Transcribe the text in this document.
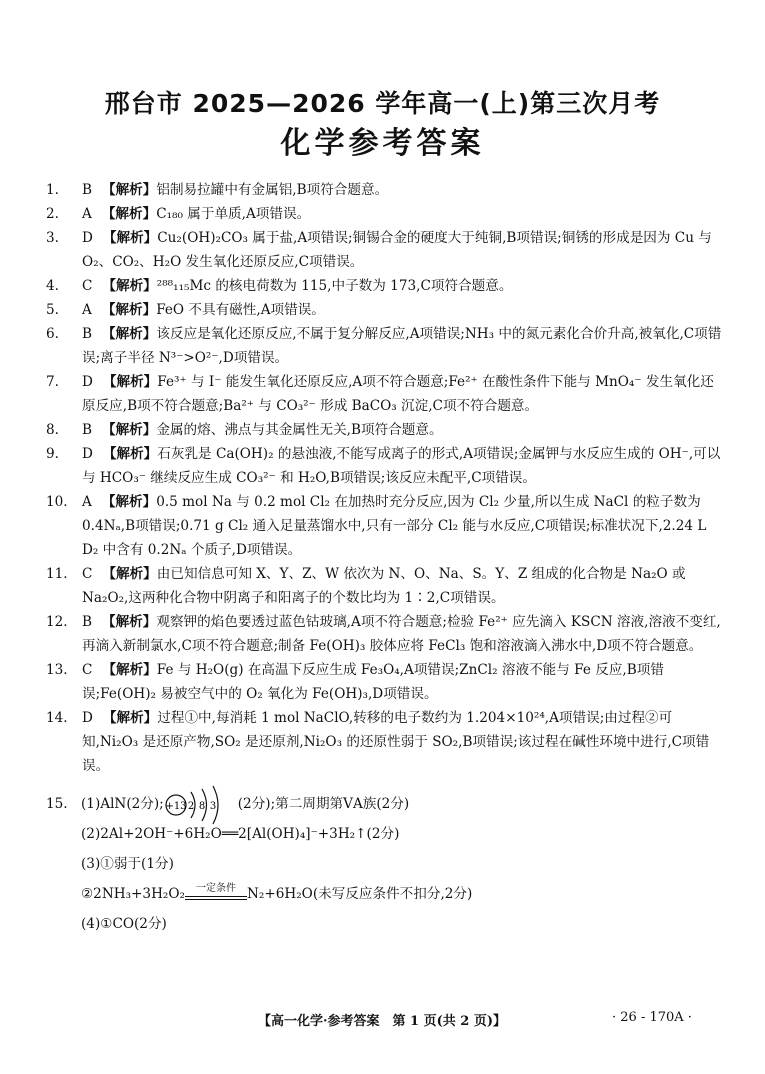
邢台市 2025—2026 学年高一(上)第三次月考
化学参考答案

1. B 【解析】铝制易拉罐中有金属铝,B项符合题意。

2. A 【解析】C₁₈₀ 属于单质,A项错误。

3. D 【解析】Cu₂(OH)₂CO₃ 属于盐,A项错误;铜锡合金的硬度大于纯铜,B项错误;铜锈的形成是因为 Cu 与 O₂、CO₂、H₂O 发生氧化还原反应,C项错误。

4. C 【解析】²⁸⁸₁₁₅Mc 的核电荷数为 115,中子数为 173,C项符合题意。

5. A 【解析】FeO 不具有磁性,A项错误。

6. B 【解析】该反应是氧化还原反应,不属于复分解反应,A项错误;NH₃ 中的氮元素化合价升高,被氧化,C项错误;离子半径 N³⁻>O²⁻,D项错误。

7. D 【解析】Fe³⁺ 与 I⁻ 能发生氧化还原反应,A项不符合题意;Fe²⁺ 在酸性条件下能与 MnO₄⁻ 发生氧化还原反应,B项不符合题意;Ba²⁺ 与 CO₃²⁻ 形成 BaCO₃ 沉淀,C项不符合题意。

8. B 【解析】金属的熔、沸点与其金属性无关,B项符合题意。

9. D 【解析】石灰乳是 Ca(OH)₂ 的悬浊液,不能写成离子的形式,A项错误;金属钾与水反应生成的 OH⁻,可以与 HCO₃⁻ 继续反应生成 CO₃²⁻ 和 H₂O,B项错误;该反应未配平,C项错误。

10. A 【解析】0.5 mol Na 与 0.2 mol Cl₂ 在加热时充分反应,因为 Cl₂ 少量,所以生成 NaCl 的粒子数为 0.4Nₐ,B项错误;0.71 g Cl₂ 通入足量蒸馏水中,只有一部分 Cl₂ 能与水反应,C项错误;标准状况下,2.24 L D₂ 中含有 0.2Nₐ 个质子,D项错误。

11. C 【解析】由已知信息可知 X、Y、Z、W 依次为 N、O、Na、S。Y、Z 组成的化合物是 Na₂O 或 Na₂O₂,这两种化合物中阴离子和阳离子的个数比均为 1∶2,C项错误。

12. B 【解析】观察钾的焰色要透过蓝色钴玻璃,A项不符合题意;检验 Fe²⁺ 应先滴入 KSCN 溶液,溶液不变红,再滴入新制氯水,C项不符合题意;制备 Fe(OH)₃ 胶体应将 FeCl₃ 饱和溶液滴入沸水中,D项不符合题意。

13. C 【解析】Fe 与 H₂O(g) 在高温下反应生成 Fe₃O₄,A项错误;ZnCl₂ 溶液不能与 Fe 反应,B项错误;Fe(OH)₂ 易被空气中的 O₂ 氧化为 Fe(OH)₃,D项错误。

14. D 【解析】过程①中,每消耗 1 mol NaClO,转移的电子数约为 1.204×10²⁴,A项错误;由过程②可知,Ni₂O₃ 是还原产物,SO₂ 是还原剂,Ni₂O₃ 的还原性弱于 SO₂,B项错误;该过程在碱性环境中进行,C项错误。

15. (1)AlN(2分); +13 2 8 3 (2分);第二周期第ⅤA族(2分)
(2)2Al+2OH⁻+6H₂O══2[Al(OH)₄]⁻+3H₂↑(2分)
(3)①弱于(1分)
②2NH₃+3H₂O₂	一定条件 N₂+6H₂O(未写反应条件不扣分,2分)
(4)①CO(2分)
【高一化学·参考答案　第 1 页(共 2 页)】	· 26 - 170A ·
